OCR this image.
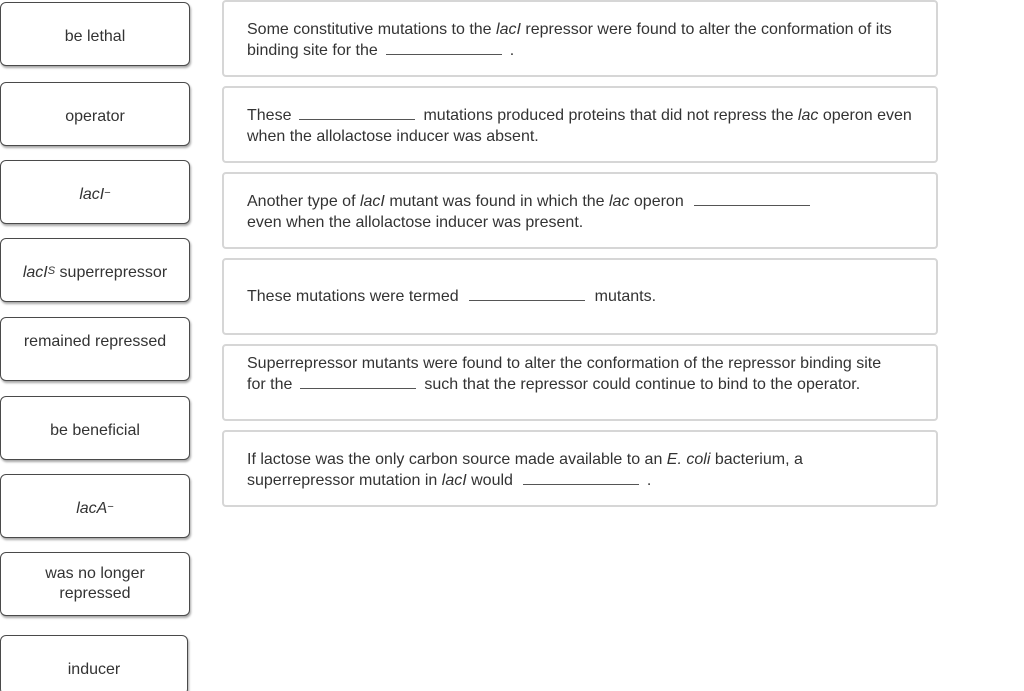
be lethal
operator
lacI−
lacI$^S$ superrepressor
remained repressed
be beneficial
lacA−
was no longer repressed
inducer
Some constitutive mutations to the lacI repressor were found to alter the conformation of its binding site for the	.
These	mutations produced proteins that did not repress the lac operon even when the allolactose inducer was absent.
Another type of lacI mutant was found in which the lac operon
even when the allolactose inducer was present.
These mutations were termed	mutants.
Superrepressor mutants were found to alter the conformation of the repressor binding site for the	such that the repressor could continue to bind to the operator.
If lactose was the only carbon source made available to an E. coli bacterium, a superrepressor mutation in lacI would	.
